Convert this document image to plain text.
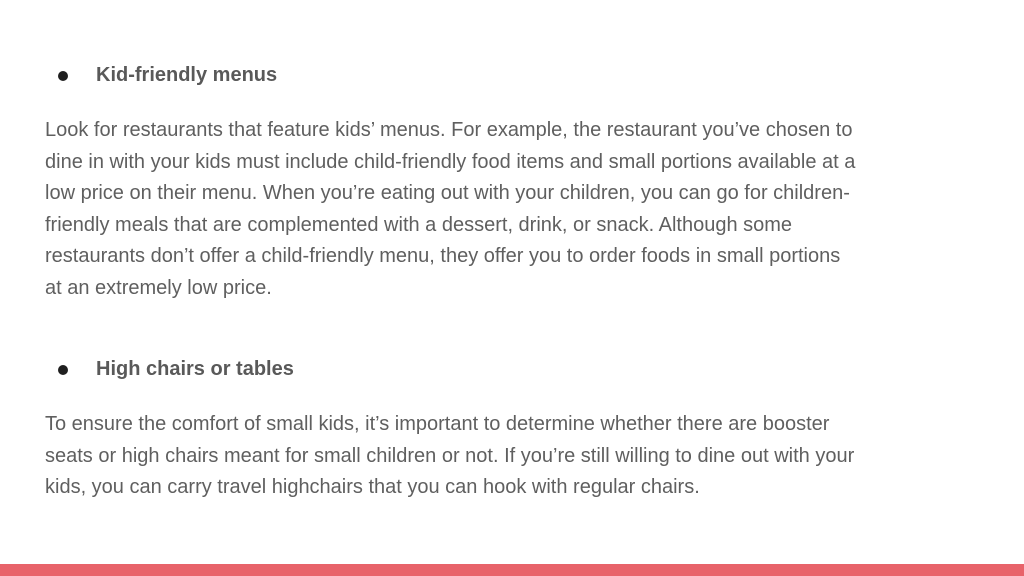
Kid-friendly menus

Look for restaurants that feature kids’ menus. For example, the restaurant you’ve chosen to
dine in with your kids must include child-friendly food items and small portions available at a
low price on their menu. When you’re eating out with your children, you can go for children-
friendly meals that are complemented with a dessert, drink, or snack. Although some
restaurants don’t offer a child-friendly menu, they offer you to order foods in small portions
at an extremely low price.

High chairs or tables

To ensure the comfort of small kids, it’s important to determine whether there are booster
seats or high chairs meant for small children or not. If you’re still willing to dine out with your
kids, you can carry travel highchairs that you can hook with regular chairs.
